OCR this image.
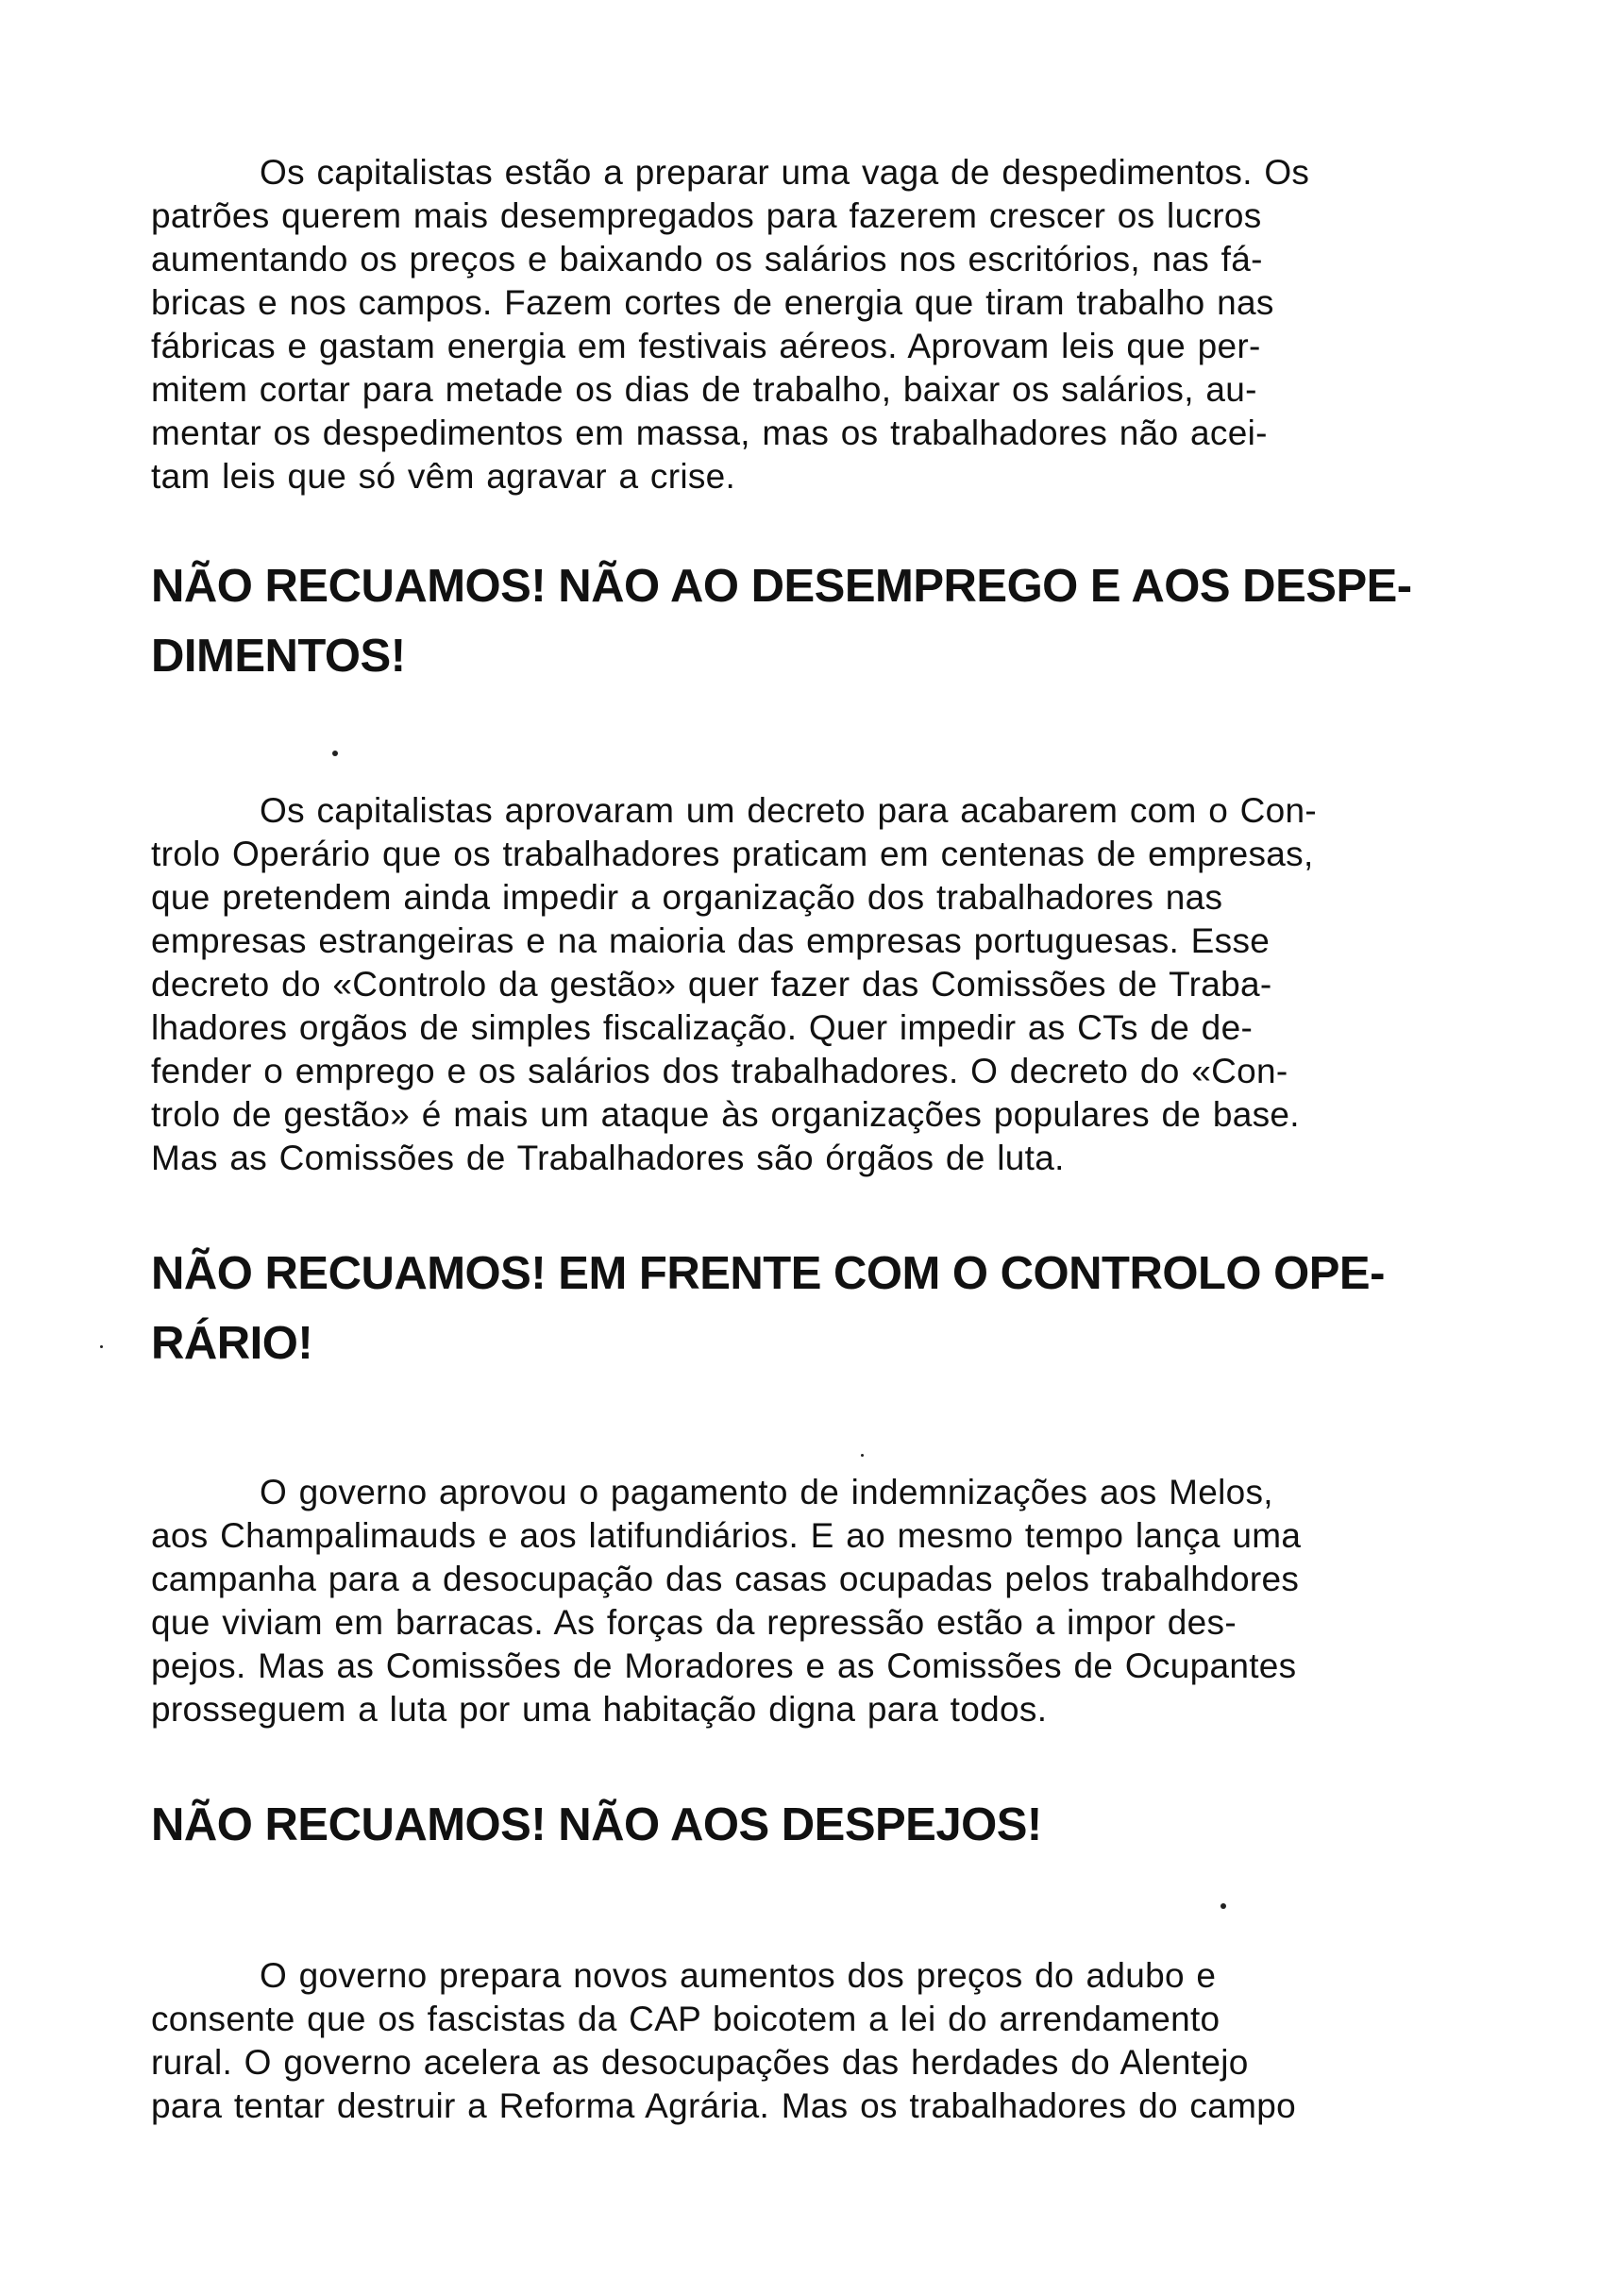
Os capitalistas estão a preparar uma vaga de despedimentos. Os
patrões querem mais desempregados para fazerem crescer os lucros
aumentando os preços e baixando os salários nos escritórios, nas fá-
bricas e nos campos. Fazem cortes de energia que tiram trabalho nas
fábricas e gastam energia em festivais aéreos. Aprovam leis que per-
mitem cortar para metade os dias de trabalho, baixar os salários, au-
mentar os despedimentos em massa, mas os trabalhadores não acei-
tam leis que só vêm agravar a crise.

NÃO RECUAMOS! NÃO AO DESEMPREGO E AOS DESPE-
DIMENTOS!

Os capitalistas aprovaram um decreto para acabarem com o Con-
trolo Operário que os trabalhadores praticam em centenas de empresas,
que pretendem ainda impedir a organização dos trabalhadores nas
empresas estrangeiras e na maioria das empresas portuguesas. Esse
decreto do «Controlo da gestão» quer fazer das Comissões de Traba-
lhadores orgãos de simples fiscalização. Quer impedir as CTs de de-
fender o emprego e os salários dos trabalhadores. O decreto do «Con-
trolo de gestão» é mais um ataque às organizações populares de base.
Mas as Comissões de Trabalhadores são órgãos de luta.

NÃO RECUAMOS! EM FRENTE COM O CONTROLO OPE-
RÁRIO!

O governo aprovou o pagamento de indemnizações aos Melos,
aos Champalimauds e aos latifundiários. E ao mesmo tempo lança uma
campanha para a desocupação das casas ocupadas pelos trabalhdores
que viviam em barracas. As forças da repressão estão a impor des-
pejos. Mas as Comissões de Moradores e as Comissões de Ocupantes
prosseguem a luta por uma habitação digna para todos.

NÃO RECUAMOS! NÃO AOS DESPEJOS!

O governo prepara novos aumentos dos preços do adubo e
consente que os fascistas da CAP boicotem a lei do arrendamento
rural. O governo acelera as desocupações das herdades do Alentejo
para tentar destruir a Reforma Agrária. Mas os trabalhadores do campo
